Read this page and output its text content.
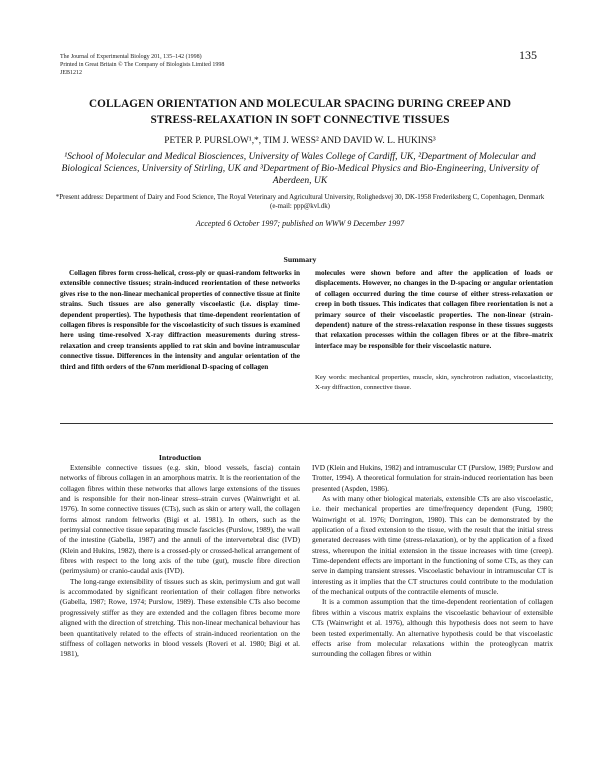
The Journal of Experimental Biology 201, 135–142 (1998)
Printed in Great Britain © The Company of Biologists Limited 1998
JEB1212
135
COLLAGEN ORIENTATION AND MOLECULAR SPACING DURING CREEP AND
STRESS-RELAXATION IN SOFT CONNECTIVE TISSUES
PETER P. PURSLOW¹,*, TIM J. WESS² AND DAVID W. L. HUKINS³
¹School of Molecular and Medical Biosciences, University of Wales College of Cardiff, UK, ²Department of Molecular and Biological Sciences, University of Stirling, UK and ³Department of Bio-Medical Physics and Bio-Engineering, University of Aberdeen, UK
*Present address: Department of Dairy and Food Science, The Royal Veterinary and Agricultural University, Rolighedsvej 30, DK-1958 Frederiksberg C, Copenhagen, Denmark (e-mail: ppp@kvl.dk)
Accepted 6 October 1997; published on WWW 9 December 1997
Summary
Collagen fibres form cross-helical, cross-ply or quasi-random feltworks in extensible connective tissues; strain-induced reorientation of these networks gives rise to the non-linear mechanical properties of connective tissue at finite strains. Such tissues are also generally viscoelastic (i.e. display time-dependent properties). The hypothesis that time-dependent reorientation of collagen fibres is responsible for the viscoelasticity of such tissues is examined here using time-resolved X-ray diffraction measurements during stress-relaxation and creep transients applied to rat skin and bovine intramuscular connective tissue. Differences in the intensity and angular orientation of the third and fifth orders of the 67nm meridional D-spacing of collagen
molecules were shown before and after the application of loads or displacements. However, no changes in the D-spacing or angular orientation of collagen occurred during the time course of either stress-relaxation or creep in both tissues. This indicates that collagen fibre reorientation is not a primary source of their viscoelastic properties. The non-linear (strain-dependent) nature of the stress-relaxation response in these tissues suggests that relaxation processes within the collagen fibres or at the fibre–matrix interface may be responsible for their viscoelastic nature.
Key words: mechanical properties, muscle, skin, synchrotron radiation, viscoelasticity, X-ray diffraction, connective tissue.
Introduction

Extensible connective tissues (e.g. skin, blood vessels, fascia) contain networks of fibrous collagen in an amorphous matrix. It is the reorientation of the collagen fibres within these networks that allows large extensions of the tissues and is responsible for their non-linear stress–strain curves (Wainwright et al. 1976). In some connective tissues (CTs), such as skin or artery wall, the collagen forms almost random feltworks (Bigi et al. 1981). In others, such as the perimysial connective tissue separating muscle fascicles (Purslow, 1989), the wall of the intestine (Gabella, 1987) and the annuli of the intervertebral disc (IVD) (Klein and Hukins, 1982), there is a crossed-ply or crossed-helical arrangement of fibres with respect to the long axis of the tube (gut), muscle fibre direction (perimysium) or cranio-caudal axis (IVD).

The long-range extensibility of tissues such as skin, perimysium and gut wall is accommodated by significant reorientation of their collagen fibre networks (Gabella, 1987; Rowe, 1974; Purslow, 1989). These extensible CTs also become progressively stiffer as they are extended and the collagen fibres become more aligned with the direction of stretching. This non-linear mechanical behaviour has been quantitatively related to the effects of strain-induced reorientation on the stiffness of collagen networks in blood vessels (Roveri et al. 1980; Bigi et al. 1981),

IVD (Klein and Hukins, 1982) and intramuscular CT (Purslow, 1989; Purslow and Trotter, 1994). A theoretical formulation for strain-induced reorientation has been presented (Aspden, 1986).

As with many other biological materials, extensible CTs are also viscoelastic, i.e. their mechanical properties are time/frequency dependent (Fung, 1980; Wainwright et al. 1976; Dorrington, 1980). This can be demonstrated by the application of a fixed extension to the tissue, with the result that the initial stress generated decreases with time (stress-relaxation), or by the application of a fixed stress, whereupon the initial extension in the tissue increases with time (creep). Time-dependent effects are important in the functioning of some CTs, as they can serve in damping transient stresses. Viscoelastic behaviour in intramuscular CT is interesting as it implies that the CT structures could contribute to the modulation of the mechanical outputs of the contractile elements of muscle.

It is a common assumption that the time-dependent reorientation of collagen fibres within a viscous matrix explains the viscoelastic behaviour of extensible CTs (Wainwright et al. 1976), although this hypothesis does not seem to have been tested experimentally. An alternative hypothesis could be that viscoelastic effects arise from molecular relaxations within the proteoglycan matrix surrounding the collagen fibres or within
